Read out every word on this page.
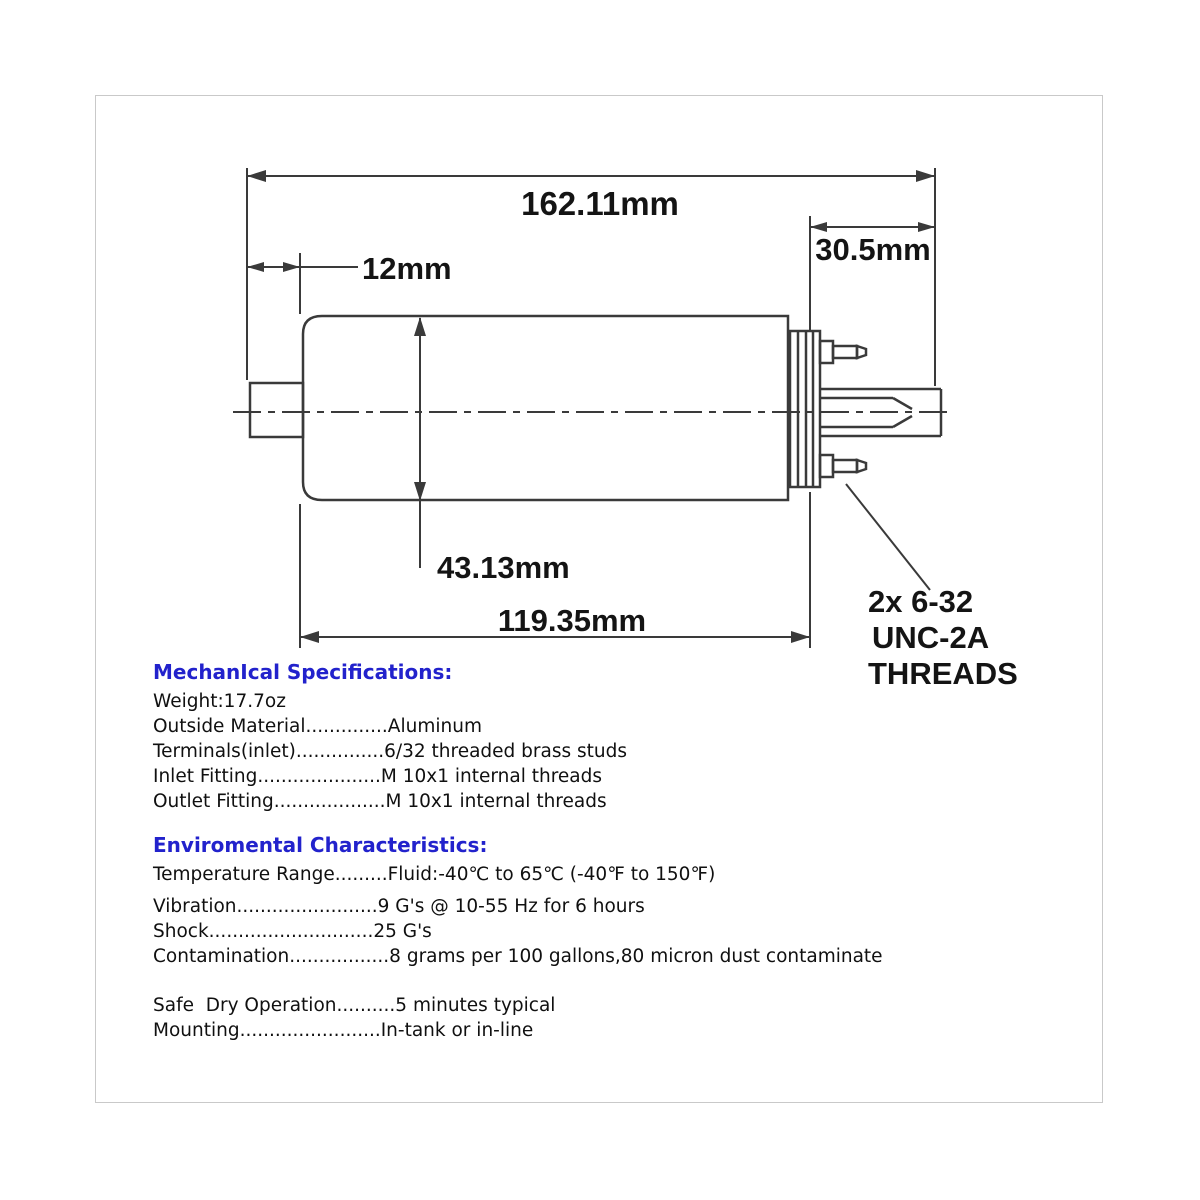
162.11mm
12mm
30.5mm
43.13mm
119.35mm
2x 6-32
UNC-2A
THREADS
MechanIcal Specifications:
Weight:17.7oz
Outside Material..............Aluminum
Terminals(inlet)...............6/32 threaded brass studs
Inlet Fitting.....................M 10x1 internal threads
Outlet Fitting...................M 10x1 internal threads
Enviromental Characteristics:
Temperature Range.........Fluid:-40℃ to 65℃ (-40℉ to 150℉)
Vibration........................9 G's @ 10-55 Hz for 6 hours
Shock............................25 G's
Contamination.................8 grams per 100 gallons,80 micron dust contaminate
Safe  Dry Operation..........5 minutes typical
Mounting........................In-tank or in-line
